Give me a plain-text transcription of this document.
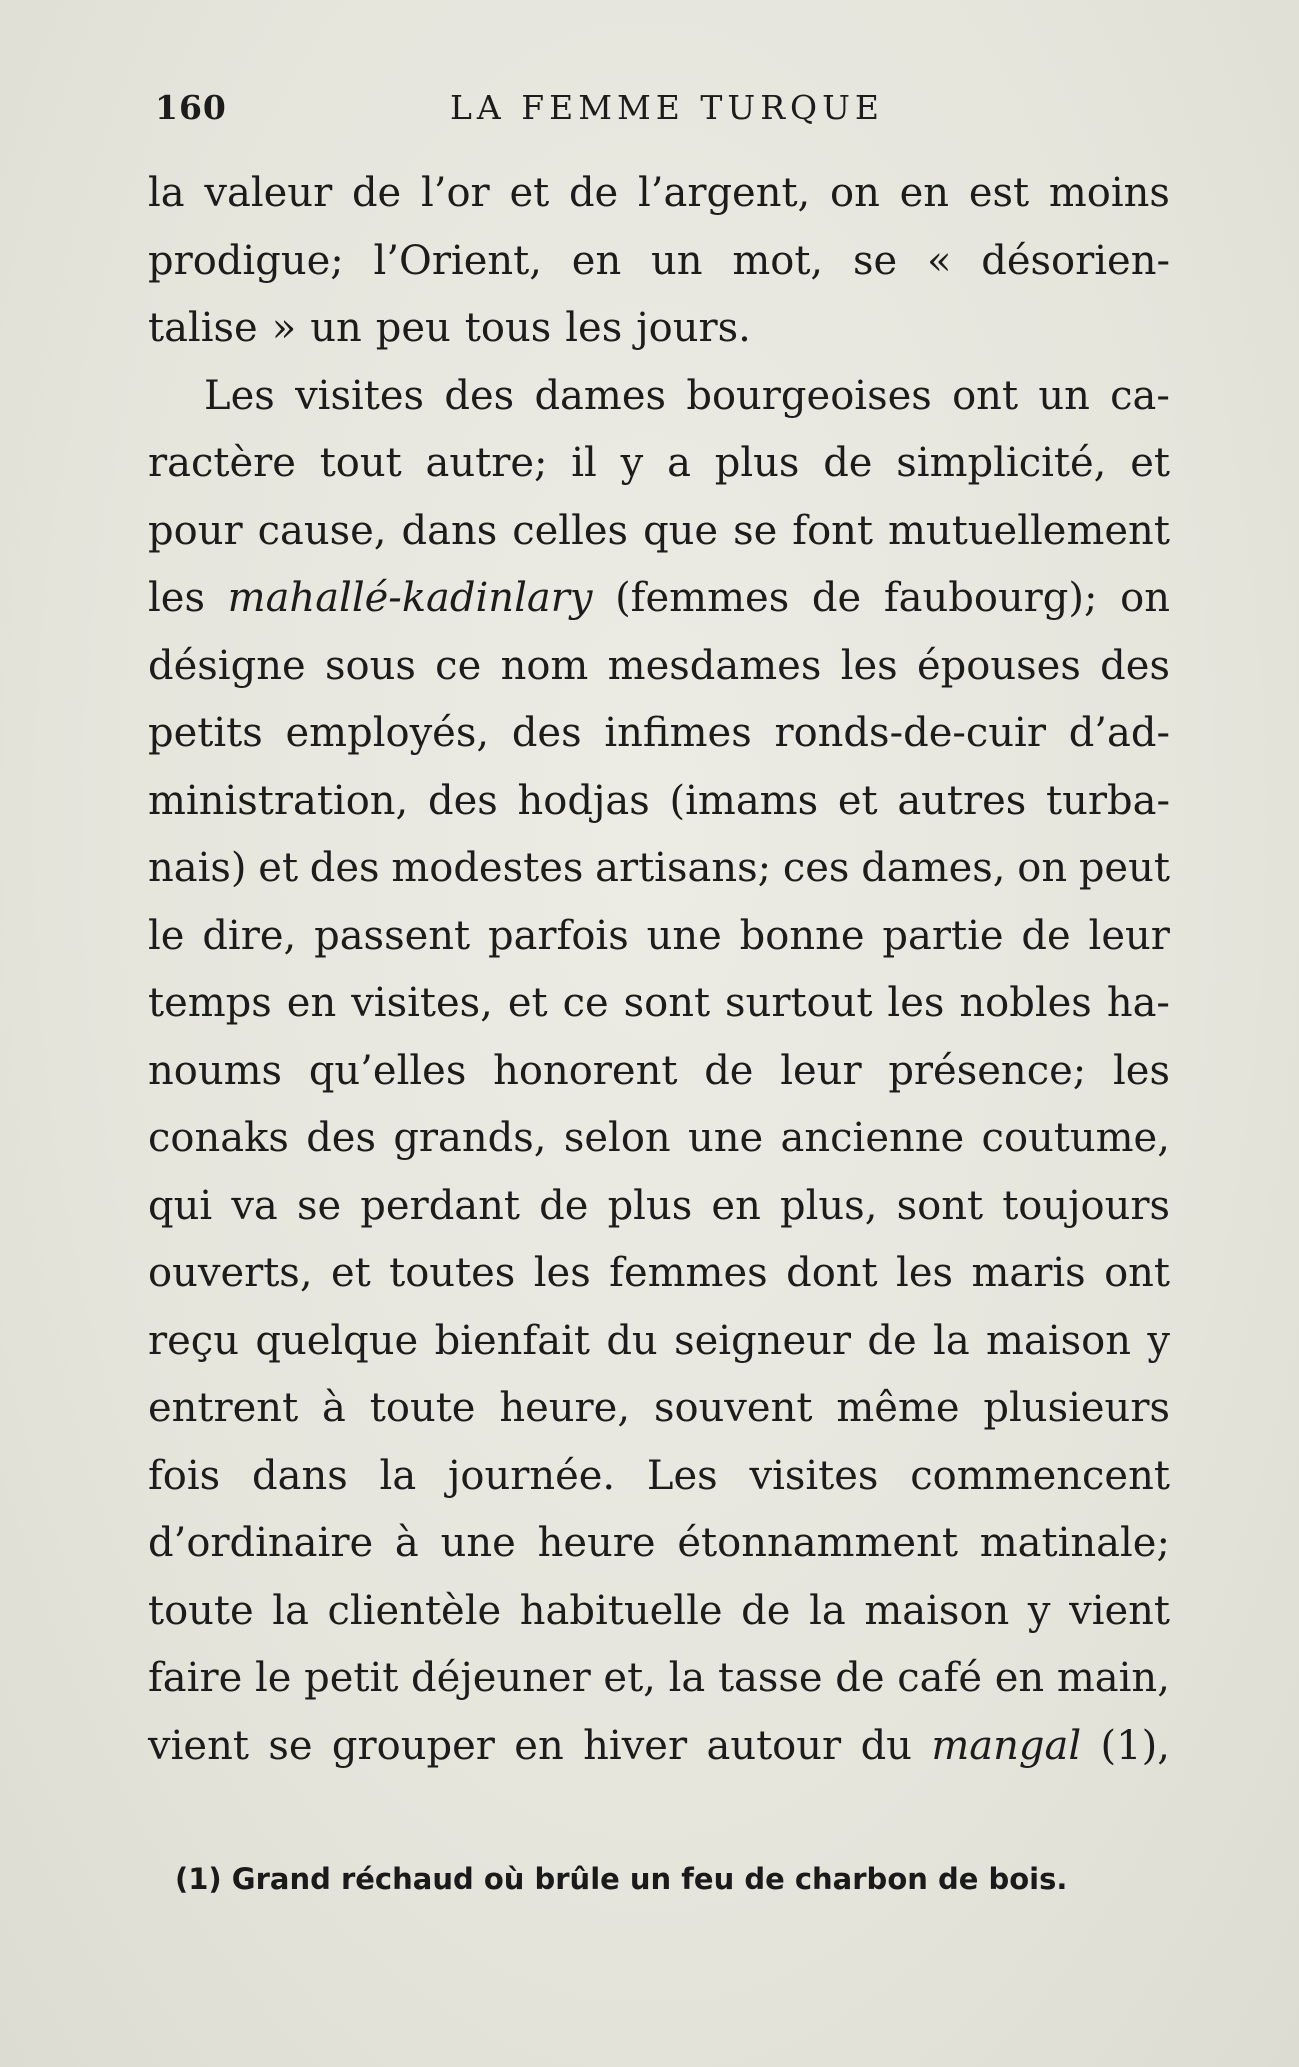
160	LA FEMME TURQUE
la valeur de l’or et de l’argent, on en est moins
prodigue; l’Orient, en un mot, se « désorien-
talise » un peu tous les jours.
Les visites des dames bourgeoises ont un ca-
ractère tout autre; il y a plus de simplicité, et
pour cause, dans celles que se font mutuellement
les mahallé-kadinlary (femmes de faubourg); on
désigne sous ce nom mesdames les épouses des
petits employés, des infimes ronds-de-cuir d’ad-
ministration, des hodjas (imams et autres turba-
nais) et des modestes artisans; ces dames, on peut
le dire, passent parfois une bonne partie de leur
temps en visites, et ce sont surtout les nobles ha-
noums qu’elles honorent de leur présence; les
conaks des grands, selon une ancienne coutume,
qui va se perdant de plus en plus, sont toujours
ouverts, et toutes les femmes dont les maris ont
reçu quelque bienfait du seigneur de la maison y
entrent à toute heure, souvent même plusieurs
fois dans la journée. Les visites commencent
d’ordinaire à une heure étonnamment matinale;
toute la clientèle habituelle de la maison y vient
faire le petit déjeuner et, la tasse de café en main,
vient se grouper en hiver autour du mangal (1),
(1) Grand réchaud où brûle un feu de charbon de bois.
